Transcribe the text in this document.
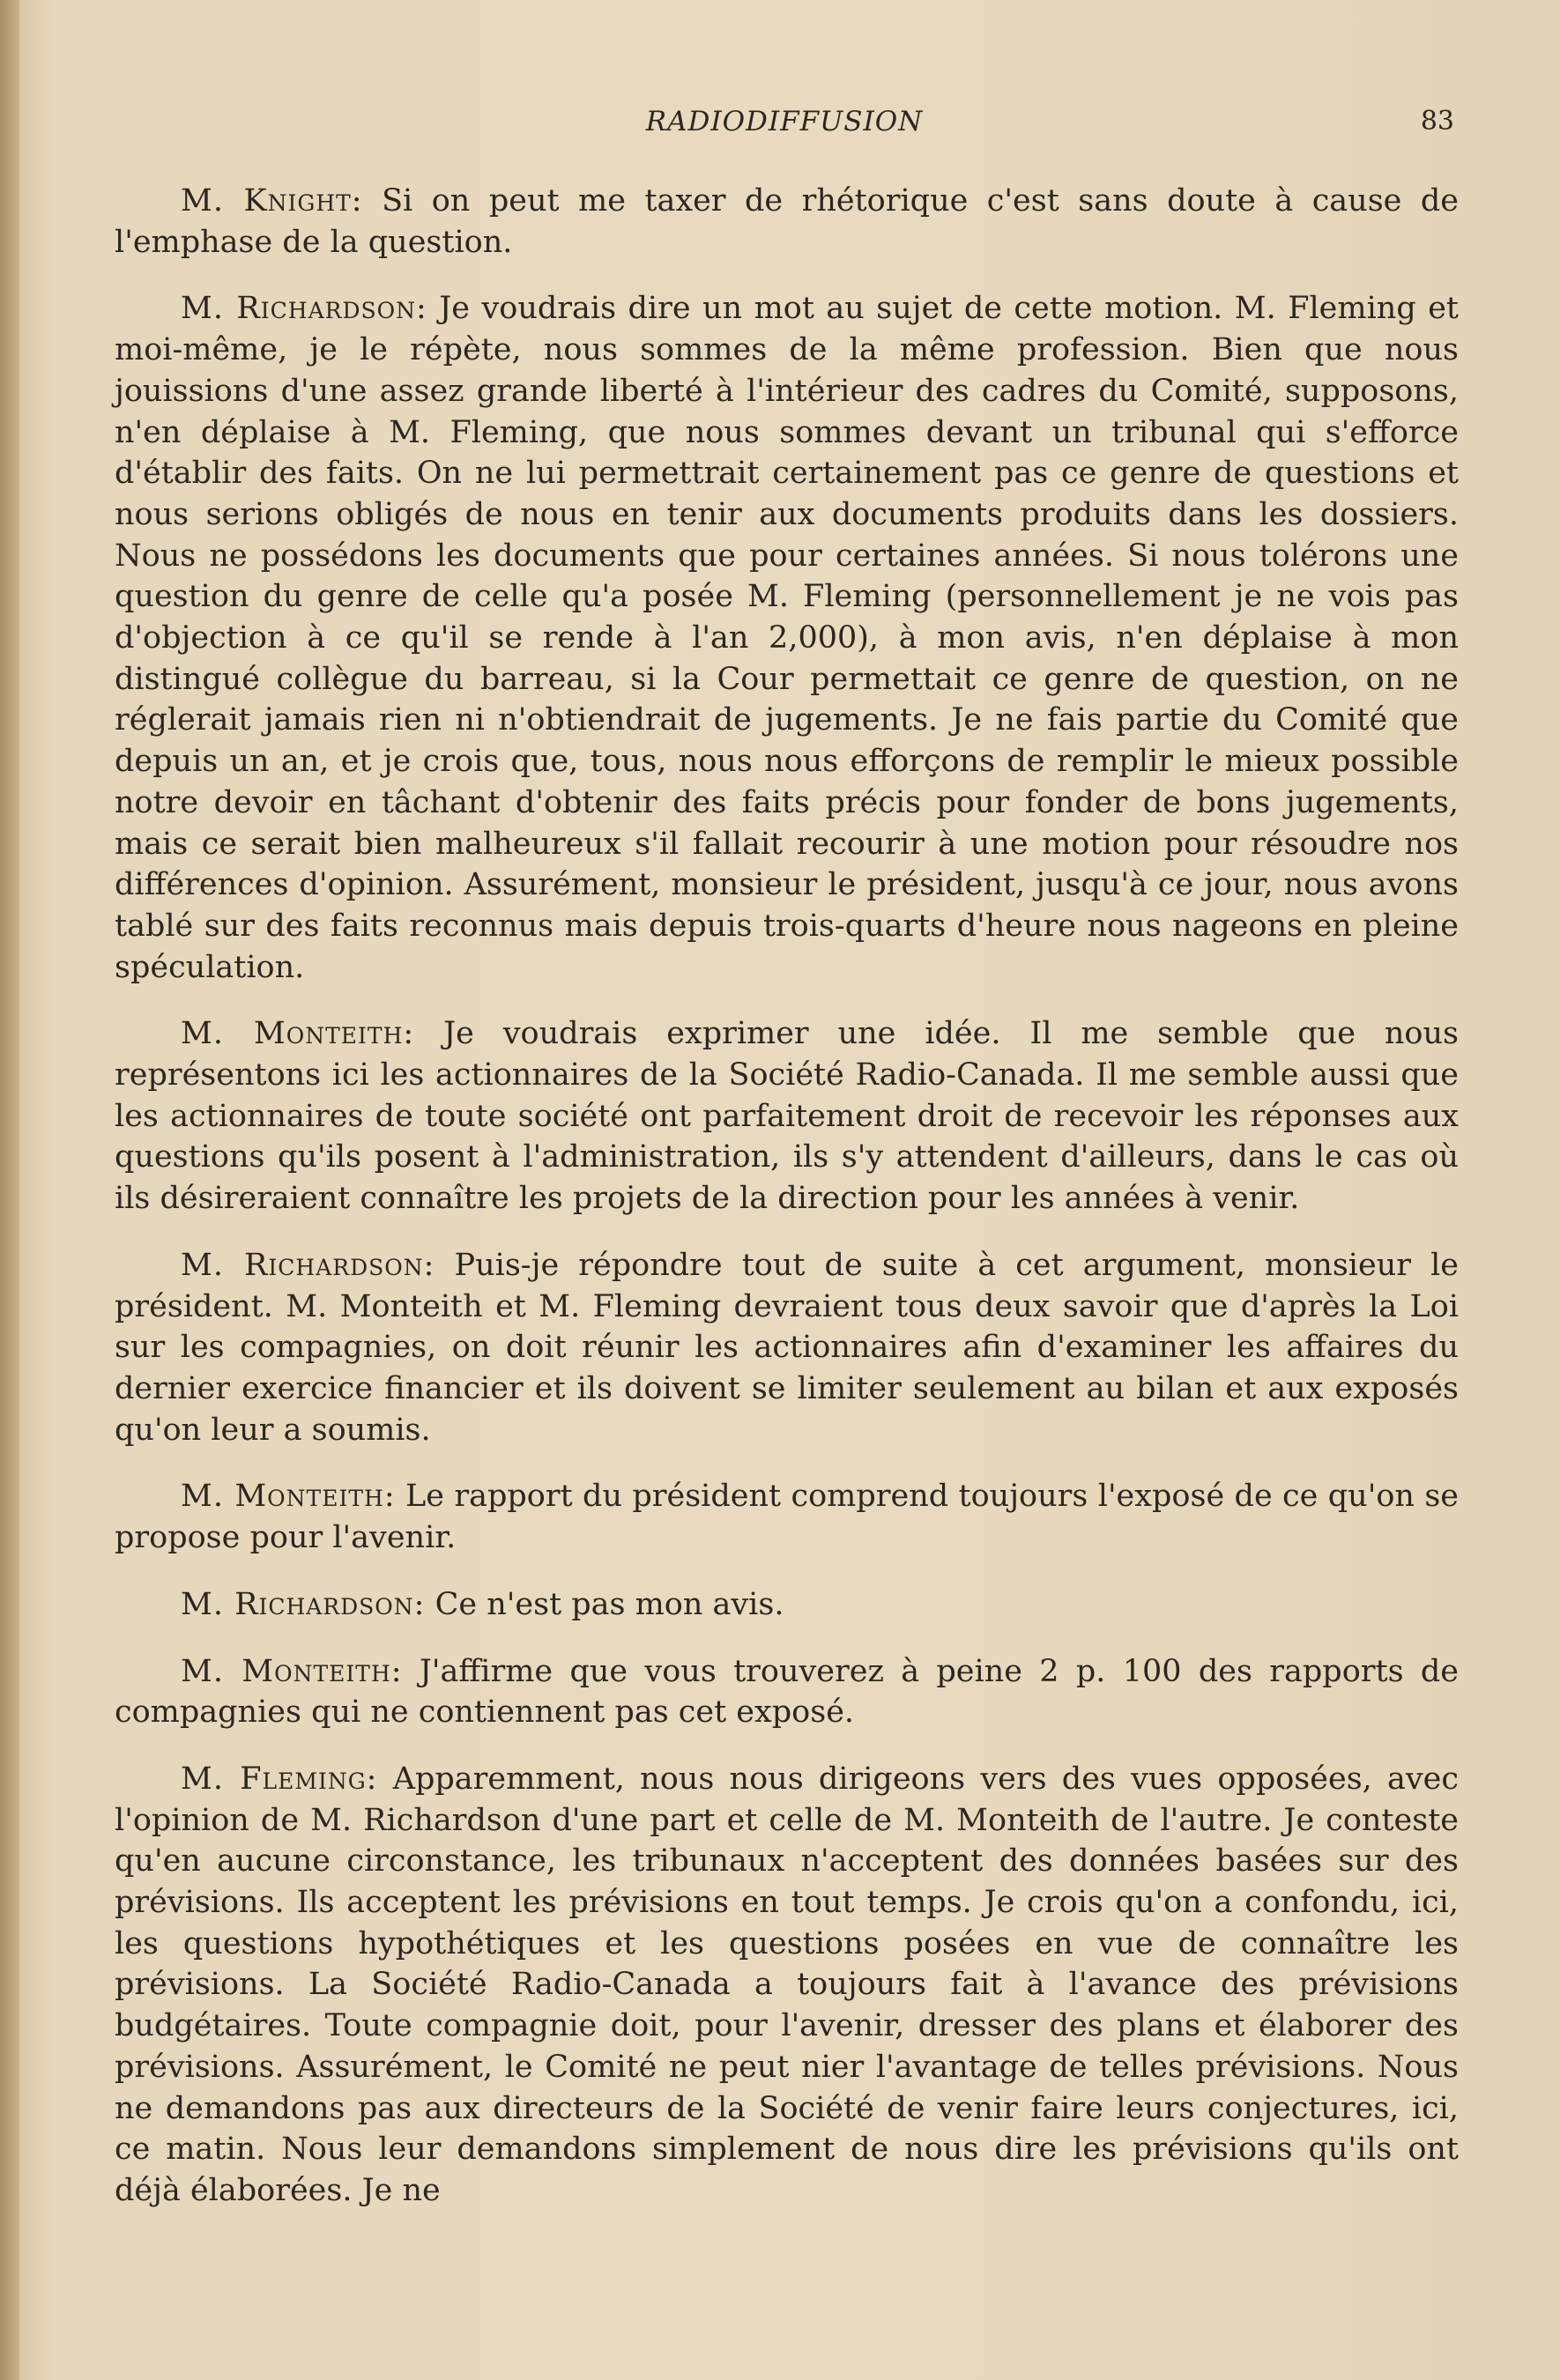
RADIODIFFUSION	83

M. Knight: Si on peut me taxer de rhétorique c'est sans doute à cause de l'emphase de la question.

M. Richardson: Je voudrais dire un mot au sujet de cette motion. M. Fleming et moi-même, je le répète, nous sommes de la même profession. Bien que nous jouissions d'une assez grande liberté à l'intérieur des cadres du Comité, supposons, n'en déplaise à M. Fleming, que nous sommes devant un tribunal qui s'efforce d'établir des faits. On ne lui permettrait certainement pas ce genre de questions et nous serions obligés de nous en tenir aux documents produits dans les dossiers. Nous ne possédons les documents que pour certaines années. Si nous tolérons une question du genre de celle qu'a posée M. Fleming (personnellement je ne vois pas d'objection à ce qu'il se rende à l'an 2,000), à mon avis, n'en déplaise à mon distingué collègue du barreau, si la Cour permettait ce genre de question, on ne réglerait jamais rien ni n'obtiendrait de jugements. Je ne fais partie du Comité que depuis un an, et je crois que, tous, nous nous efforçons de remplir le mieux possible notre devoir en tâchant d'obtenir des faits précis pour fonder de bons jugements, mais ce serait bien malheureux s'il fallait recourir à une motion pour résoudre nos différences d'opinion. Assurément, monsieur le président, jusqu'à ce jour, nous avons tablé sur des faits reconnus mais depuis trois-quarts d'heure nous nageons en pleine spéculation.

M. Monteith: Je voudrais exprimer une idée. Il me semble que nous représentons ici les actionnaires de la Société Radio-Canada. Il me semble aussi que les actionnaires de toute société ont parfaitement droit de recevoir les réponses aux questions qu'ils posent à l'administration, ils s'y attendent d'ailleurs, dans le cas où ils désireraient connaître les projets de la direction pour les années à venir.

M. Richardson: Puis-je répondre tout de suite à cet argument, monsieur le président. M. Monteith et M. Fleming devraient tous deux savoir que d'après la Loi sur les compagnies, on doit réunir les actionnaires afin d'examiner les affaires du dernier exercice financier et ils doivent se limiter seulement au bilan et aux exposés qu'on leur a soumis.

M. Monteith: Le rapport du président comprend toujours l'exposé de ce qu'on se propose pour l'avenir.

M. Richardson: Ce n'est pas mon avis.

M. Monteith: J'affirme que vous trouverez à peine 2 p. 100 des rapports de compagnies qui ne contiennent pas cet exposé.

M. Fleming: Apparemment, nous nous dirigeons vers des vues opposées, avec l'opinion de M. Richardson d'une part et celle de M. Monteith de l'autre. Je conteste qu'en aucune circonstance, les tribunaux n'acceptent des données basées sur des prévisions. Ils acceptent les prévisions en tout temps. Je crois qu'on a confondu, ici, les questions hypothétiques et les questions posées en vue de connaître les prévisions. La Société Radio-Canada a toujours fait à l'avance des prévisions budgétaires. Toute compagnie doit, pour l'avenir, dresser des plans et élaborer des prévisions. Assurément, le Comité ne peut nier l'avantage de telles prévisions. Nous ne demandons pas aux directeurs de la Société de venir faire leurs conjectures, ici, ce matin. Nous leur demandons simplement de nous dire les prévisions qu'ils ont déjà élaborées. Je ne
